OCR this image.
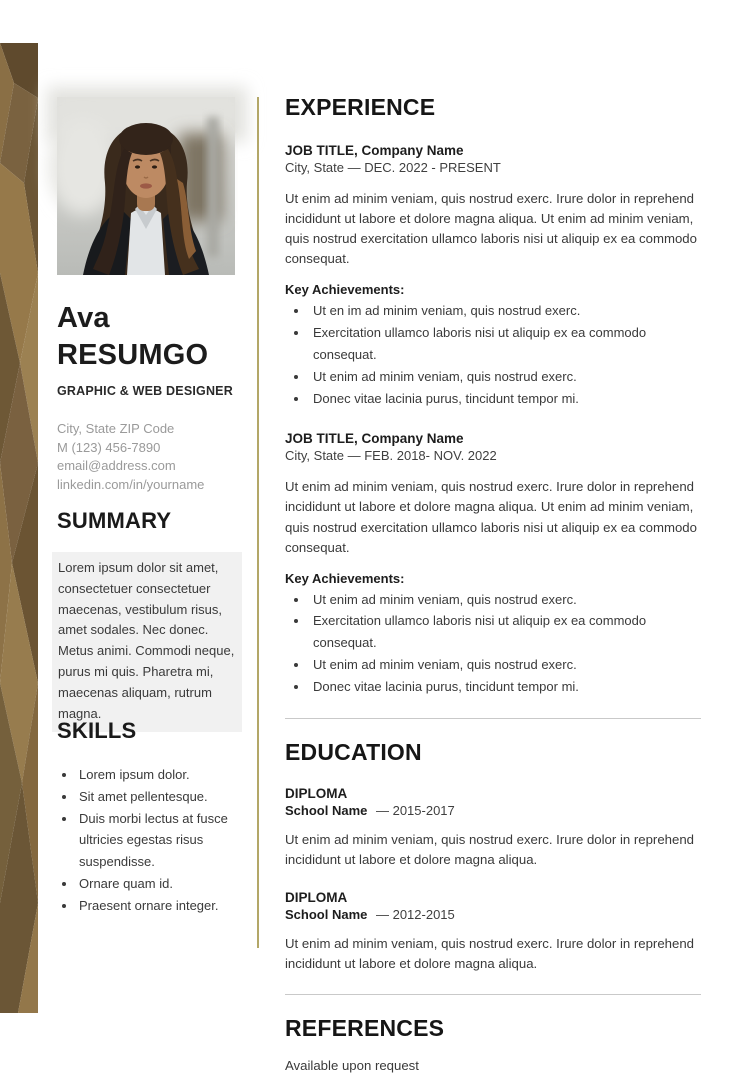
Ava
RESUMGO
GRAPHIC & WEB DESIGNER
City, State ZIP Code
M (123) 456-7890
email@address.com
linkedin.com/in/yourname
SUMMARY
Lorem ipsum dolor sit amet, consectetuer consectetuer maecenas, vestibulum risus, amet sodales. Nec donec. Metus animi. Commodi neque, purus mi quis. Pharetra mi, maecenas aliquam, rutrum magna.
SKILLS
• Lorem ipsum dolor.
• Sit amet pellentesque.
• Duis morbi lectus at fusce ultricies egestas risus suspendisse.
• Ornare quam id.
• Praesent ornare integer.
EXPERIENCE
JOB TITLE, Company Name
City, State — DEC. 2022 - PRESENT
Ut enim ad minim veniam, quis nostrud exerc. Irure dolor in reprehend incididunt ut labore et dolore magna aliqua. Ut enim ad minim veniam, quis nostrud exercitation ullamco laboris nisi ut aliquip ex ea commodo consequat.
Key Achievements:
• Ut en im ad minim veniam, quis nostrud exerc.
• Exercitation ullamco laboris nisi ut aliquip ex ea commodo consequat.
• Ut enim ad minim veniam, quis nostrud exerc.
• Donec vitae lacinia purus, tincidunt tempor mi.
JOB TITLE, Company Name
City, State — FEB. 2018- NOV. 2022
Ut enim ad minim veniam, quis nostrud exerc. Irure dolor in reprehend incididunt ut labore et dolore magna aliqua. Ut enim ad minim veniam, quis nostrud exercitation ullamco laboris nisi ut aliquip ex ea commodo consequat.
Key Achievements:
• Ut enim ad minim veniam, quis nostrud exerc.
• Exercitation ullamco laboris nisi ut aliquip ex ea commodo consequat.
• Ut enim ad minim veniam, quis nostrud exerc.
• Donec vitae lacinia purus, tincidunt tempor mi.
EDUCATION
DIPLOMA
School Name — 2015-2017
Ut enim ad minim veniam, quis nostrud exerc. Irure dolor in reprehend incididunt ut labore et dolore magna aliqua.
DIPLOMA
School Name — 2012-2015
Ut enim ad minim veniam, quis nostrud exerc. Irure dolor in reprehend incididunt ut labore et dolore magna aliqua.
REFERENCES
Available upon request
